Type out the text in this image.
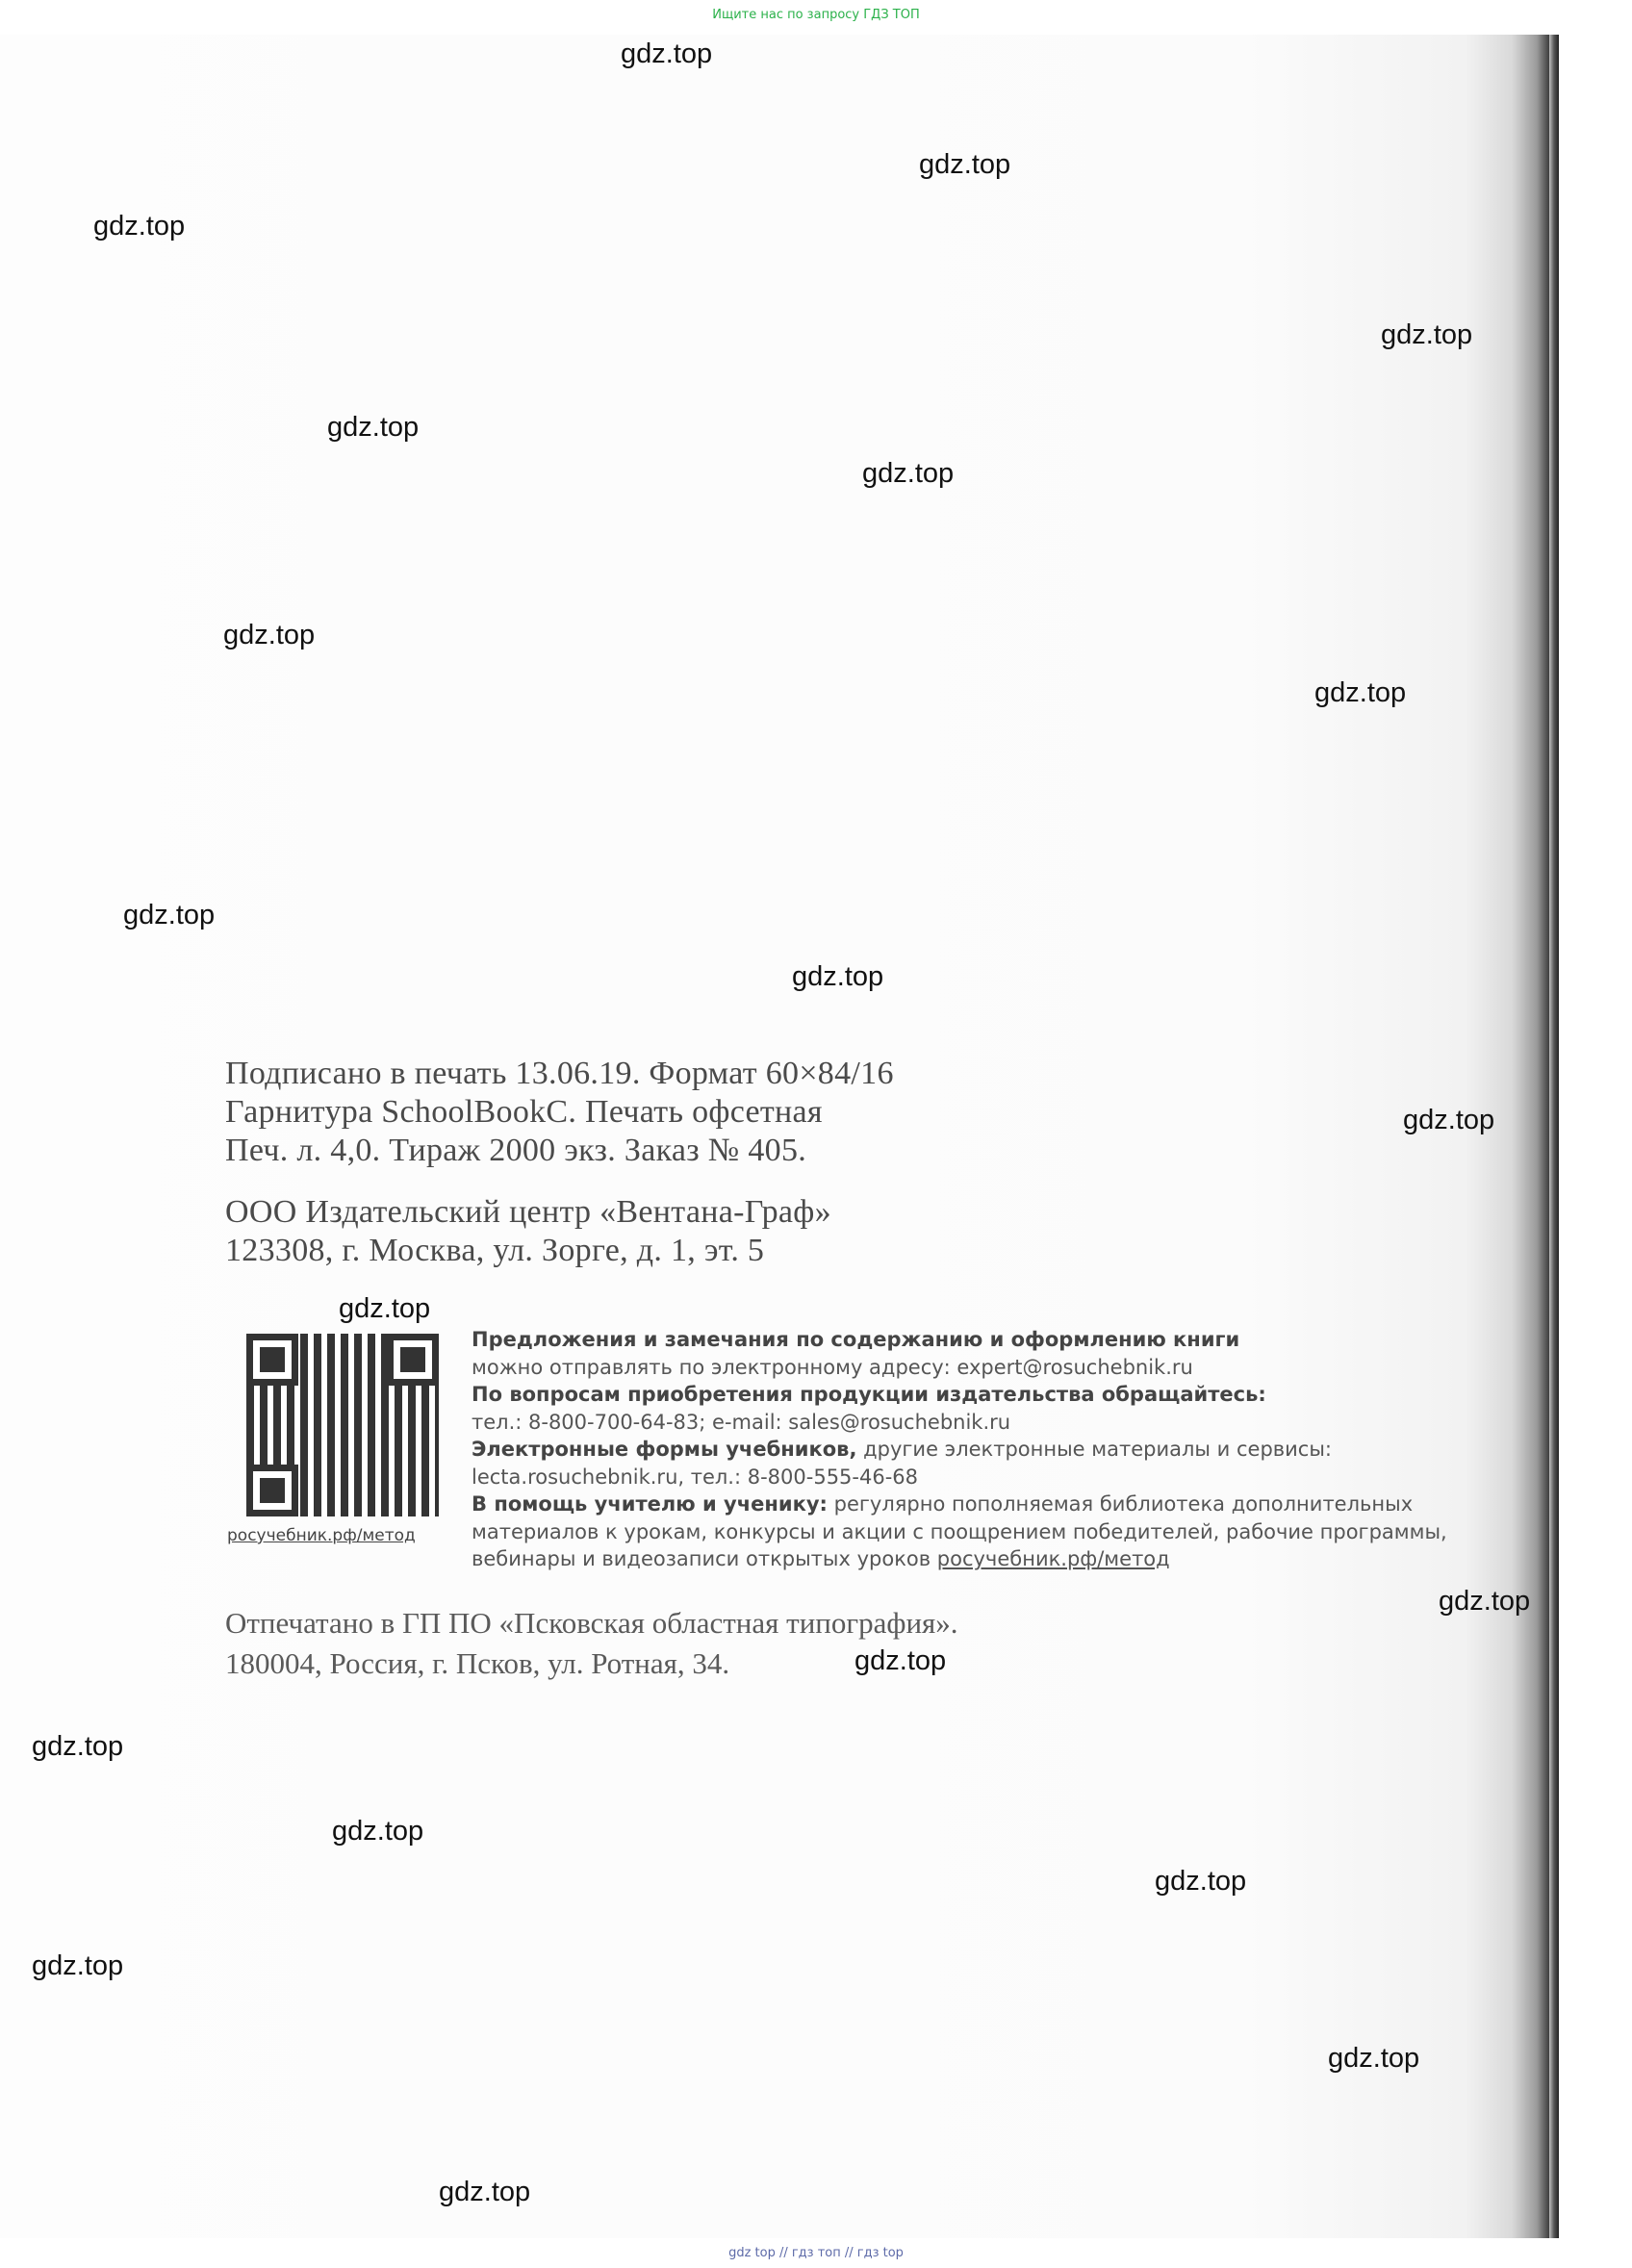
Ищите нас по запросу ГДЗ ТОП
gdz.top
gdz.top
gdz.top
gdz.top
gdz.top
gdz.top
gdz.top
gdz.top
gdz.top
gdz.top
gdz.top
gdz.top
gdz.top
gdz.top
gdz.top
gdz.top
gdz.top
gdz.top
gdz.top
gdz.top

Подписано в печать 13.06.19. Формат 60×84/16

Гарнитура SchoolBookC. Печать офсетная

Печ. л. 4,0. Тираж 2000 экз. Заказ № 405.

ООО Издательский центр «Вентана-Граф»

123308, г. Москва, ул. Зорге, д. 1, эт. 5

росучебник.рф/метод

Предложения и замечания по содержанию и оформлению книги

можно отправлять по электронному адресу: expert@rosuchebnik.ru

По вопросам приобретения продукции издательства обращайтесь:

тел.: 8-800-700-64-83; e-mail: sales@rosuchebnik.ru

Электронные формы учебников, другие электронные материалы и сервисы:

lecta.rosuchebnik.ru, тел.: 8-800-555-46-68

В помощь учителю и ученику: регулярно пополняемая библиотека дополнительных

материалов к урокам, конкурсы и акции с поощрением победителей, рабочие программы,

вебинары и видеозаписи открытых уроков росучебник.рф/метод

Отпечатано в ГП ПО «Псковская областная типография».

180004, Россия, г. Псков, ул. Ротная, 34.

gdz top // гдз топ // гдз top
